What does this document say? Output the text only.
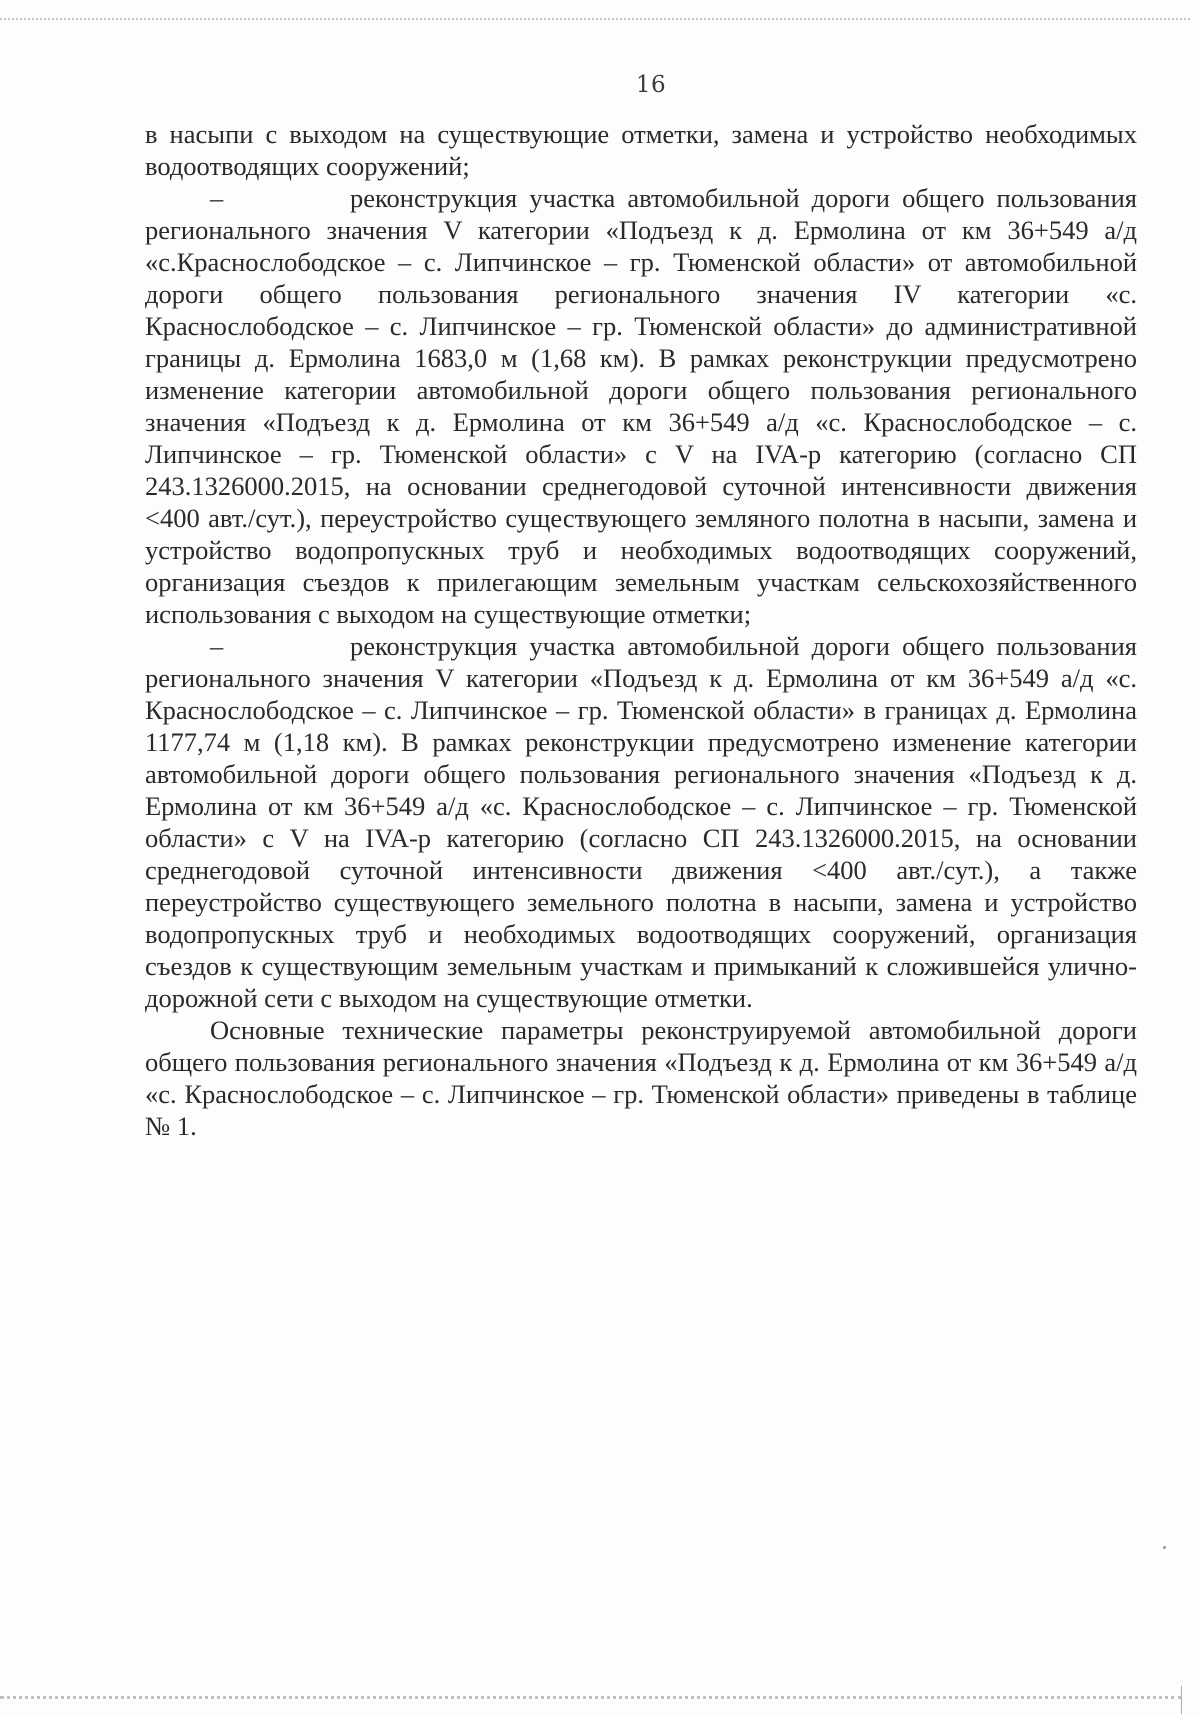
16

в насыпи с выходом на существующие отметки, замена и устройство необходимых водоотводящих сооружений;

–	реконструкция участка автомобильной дороги общего пользования регионального значения V категории «Подъезд к д. Ермолина от км 36+549 а/д «с.Краснослободское – с. Липчинское – гр. Тюменской области» от автомобильной дороги общего пользования регионального значения IV категории «с. Краснослободское – с. Липчинское – гр. Тюменской области» до административной границы д. Ермолина 1683,0 м (1,68 км). В рамках реконструкции предусмотрено изменение категории автомобильной дороги общего пользования регионального значения «Подъезд к д. Ермолина от км 36+549 а/д «с. Краснослободское – с. Липчинское – гр. Тюменской области» с V на IVA-р категорию (согласно СП 243.1326000.2015, на основании среднегодовой суточной интенсивности движения <400 авт./сут.), переустройство существующего земляного полотна в насыпи, замена и устройство водопропускных труб и необходимых водоотводящих сооружений, организация съездов к прилегающим земельным участкам сельскохозяйственного использования с выходом на существующие отметки;

–	реконструкция участка автомобильной дороги общего пользования регионального значения V категории «Подъезд к д. Ермолина от км 36+549 а/д «с. Краснослободское – с. Липчинское – гр. Тюменской области» в границах д. Ермолина 1177,74 м (1,18 км). В рамках реконструкции предусмотрено изменение категории автомобильной дороги общего пользования регионального значения «Подъезд к д. Ермолина от км 36+549 а/д «с. Краснослободское – с. Липчинское – гр. Тюменской области» с V на IVA-р категорию (согласно СП 243.1326000.2015, на основании среднегодовой суточной интенсивности движения <400 авт./сут.), а также переустройство существующего земельного полотна в насыпи, замена и устройство водопропускных труб и необходимых водоотводящих сооружений, организация съездов к существующим земельным участкам и примыканий к сложившейся улично-дорожной сети с выходом на существующие отметки.

Основные технические параметры реконструируемой автомобильной дороги общего пользования регионального значения «Подъезд к д. Ермолина от км 36+549 а/д «с. Краснослободское – с. Липчинское – гр. Тюменской области» приведены в таблице № 1.
